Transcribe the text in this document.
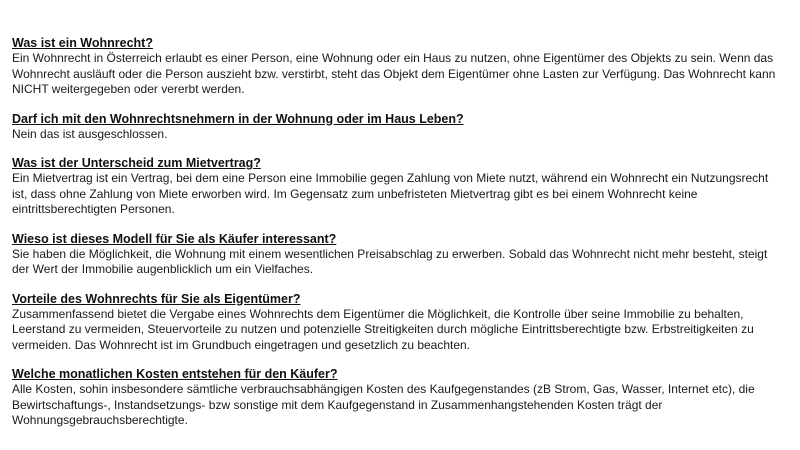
Was ist ein Wohnrecht?

Ein Wohnrecht in Österreich erlaubt es einer Person, eine Wohnung oder ein Haus zu nutzen, ohne Eigentümer des Objekts zu sein. Wenn das Wohnrecht ausläuft oder die Person auszieht bzw. verstirbt, steht das Objekt dem Eigentümer ohne Lasten zur Verfügung. Das Wohnrecht kann NICHT weitergegeben oder vererbt werden.

Darf ich mit den Wohnrechtsnehmern in der Wohnung oder im Haus Leben?

Nein das ist ausgeschlossen.

Was ist der Unterscheid zum Mietvertrag?

Ein Mietvertrag ist ein Vertrag, bei dem eine Person eine Immobilie gegen Zahlung von Miete nutzt, während ein Wohnrecht ein Nutzungsrecht ist, dass ohne Zahlung von Miete erworben wird. Im Gegensatz zum unbefristeten Mietvertrag gibt es bei einem Wohnrecht keine eintrittsberechtigten Personen.

Wieso ist dieses Modell für Sie als Käufer interessant?

Sie haben die Möglichkeit, die Wohnung mit einem wesentlichen Preisabschlag zu erwerben. Sobald das Wohnrecht nicht mehr besteht, steigt der Wert der Immobilie augenblicklich um ein Vielfaches.

Vorteile des Wohnrechts für Sie als Eigentümer?

Zusammenfassend bietet die Vergabe eines Wohnrechts dem Eigentümer die Möglichkeit, die Kontrolle über seine Immobilie zu behalten, Leerstand zu vermeiden, Steuervorteile zu nutzen und potenzielle Streitigkeiten durch mögliche Eintrittsberechtigte bzw. Erbstreitigkeiten zu vermeiden. Das Wohnrecht ist im Grundbuch eingetragen und gesetzlich zu beachten.

Welche monatlichen Kosten entstehen für den Käufer?

Alle Kosten, sohin insbesondere sämtliche verbrauchsabhängigen Kosten des Kaufgegenstandes (zB Strom, Gas, Wasser, Internet etc), die Bewirtschaftungs-, Instandsetzungs- bzw sonstige mit dem Kaufgegenstand in Zusammenhangstehenden Kosten trägt der Wohnungsgebrauchsberechtigte.
